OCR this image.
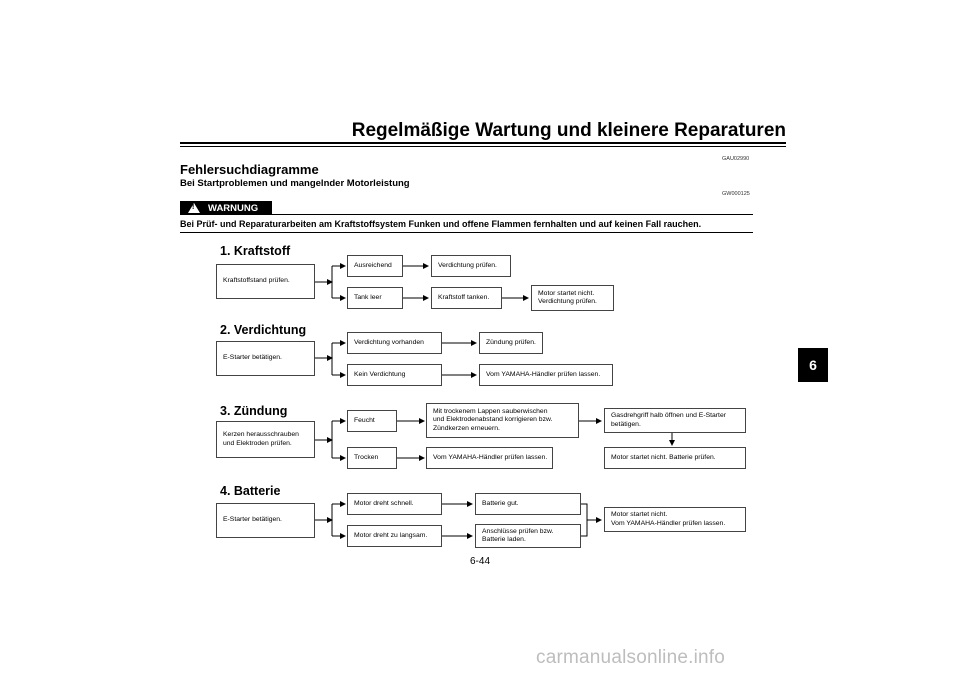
Regelmäßige Wartung und kleinere Reparaturen
GAU02990
Fehlersuchdiagramme
Bei Startproblemen und mangelnder Motorleistung
GW000125
!
WARNUNG
Bei Prüf- und Reparaturarbeiten am Kraftstoffsystem Funken und offene Flammen fernhalten und auf keinen Fall rauchen.
1. Kraftstoff
Kraftstoffstand prüfen.
Ausreichend	Verdichtung prüfen.
Tank leer	Kraftstoff tanken.
Motor startet nicht.
Verdichtung prüfen.
2. Verdichtung
E-Starter betätigen.
Verdichtung vorhanden	Zündung prüfen.
Kein Verdichtung	Vom YAMAHA-Händler prüfen lassen.
3. Zündung
Kerzen herausschrauben
und Elektroden prüfen.
Feucht
Mit trockenem Lappen sauberwischen
und Elektrodenabstand korrigieren bzw.
Zündkerzen erneuern.
Gasdrehgriff halb öffnen und E-Starter
betätigen.
Trocken	Vom YAMAHA-Händler prüfen lassen.	Motor startet nicht. Batterie prüfen.
4. Batterie
E-Starter betätigen.
Motor dreht schnell.	Batterie gut.
Motor dreht zu langsam.
Anschlüsse prüfen bzw.
Batterie laden.
Motor startet nicht.
Vom YAMAHA-Händler prüfen lassen.
6
6-44
carmanualsonline.info
